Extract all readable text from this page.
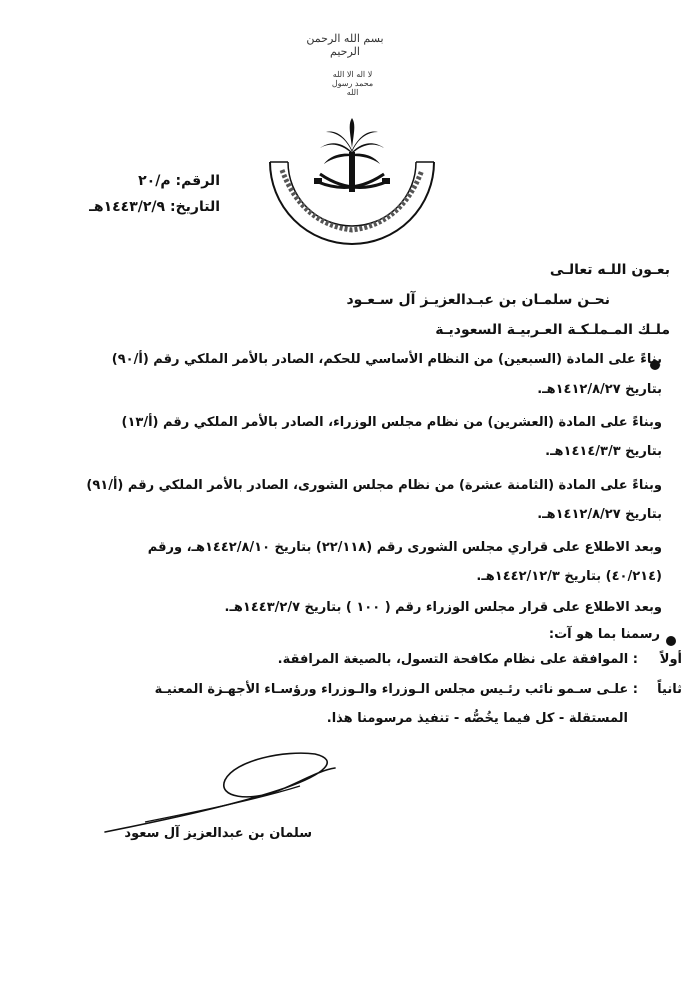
بسم الله الرحمن الرحيم
لا اله الا الله محمد رسول الله
الرقم: م/٢٠
التاريخ: ١٤٤٣/٢/٩هـ
بعـون اللـه تعالـى
نحـن سلمـان بن عبـدالعزيـز آل سـعـود
ملـك المـملـكـة العـربيـة السعوديـة
بناءً على المادة (السبعين) من النظام الأساسي للحكم، الصادر بالأمر الملكي رقم (أ/٩٠)
بتاريخ ١٤١٢/٨/٢٧هـ.
وبناءً على المادة (العشرين) من نظام مجلس الوزراء، الصادر بالأمر الملكي رقم (أ/١٣)
بتاريخ ١٤١٤/٣/٣هـ.
وبناءً على المادة (الثامنة عشرة) من نظام مجلس الشورى، الصادر بالأمر الملكي رقم (أ/٩١)
بتاريخ ١٤١٢/٨/٢٧هـ.
وبعد الاطلاع على قراري مجلس الشورى رقم (٢٢/١١٨) بتاريخ ١٤٤٢/٨/١٠هـ، ورقم
(٤٠/٢١٤) بتاريخ ١٤٤٢/١٢/٣هـ.
وبعد الاطلاع على قرار مجلس الوزراء رقم ( ١٠٠ ) بتاريخ ١٤٤٣/٢/٧هـ.
رسمنا بما هو آت:
أولاً
: الموافقة على نظام مكافحة التسول، بالصيغة المرافقة.
ثانياً
: علـى سـمو نائب رئـيس مجلس الـوزراء والـوزراء ورؤسـاء الأجهـزة المعنيـة
المستقلة - كل فيما يخُصُّه - تنفيذ مرسومنا هذا.
سلمان بن عبدالعزيز آل سعود
